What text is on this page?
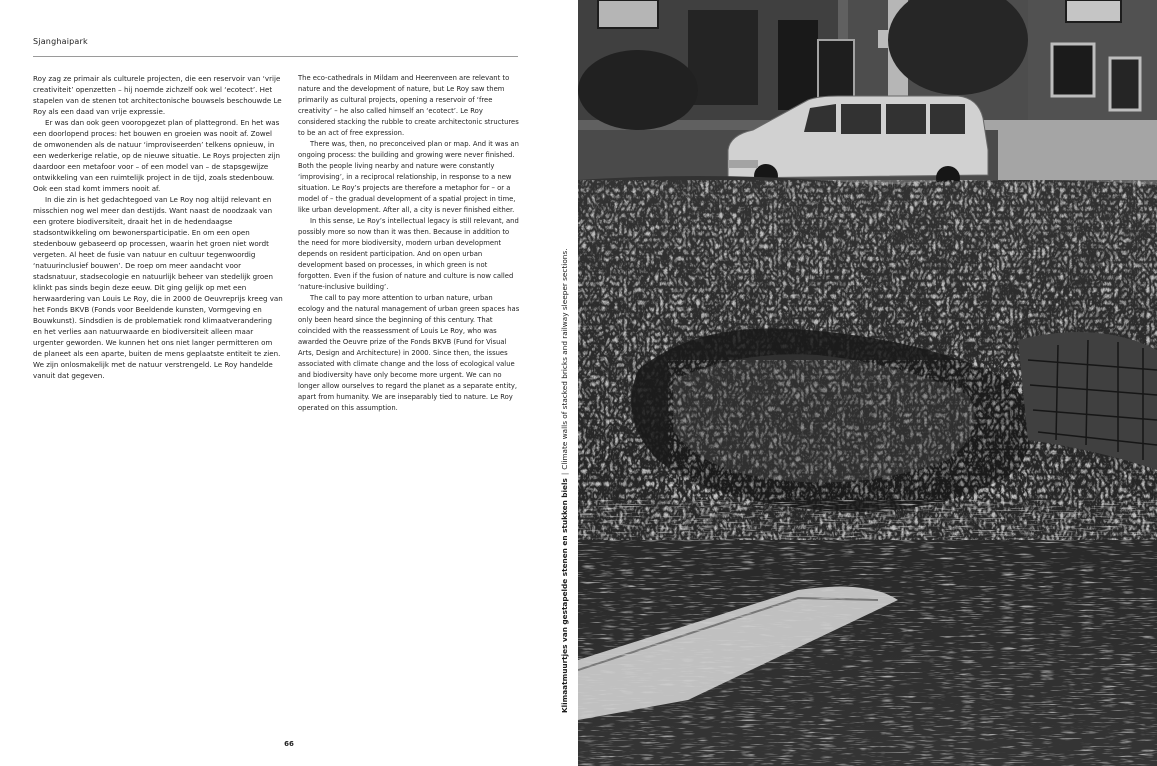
Sjanghaipark

Roy zag ze primair als culturele projecten, die een reservoir van ‘vrije creativiteit’ openzetten – hij noemde zichzelf ook wel ‘ecotect’. Het stapelen van de stenen tot architectonische bouwsels beschouwde Le Roy als een daad van vrije expressie.

Er was dan ook geen vooropgezet plan of plattegrond. En het was een doorlopend proces: het bouwen en groeien was nooit af. Zowel de omwonenden als de natuur ‘improviseerden’ telkens opnieuw, in een wederkerige relatie, op de nieuwe situatie. Le Roys projecten zijn daardoor een metafoor voor – of een model van – de stapsgewijze ontwikkeling van een ruimtelijk project in de tijd, zoals stedenbouw. Ook een stad komt immers nooit af.

In die zin is het gedachtegoed van Le Roy nog altijd relevant en misschien nog wel meer dan destijds. Want naast de noodzaak van een grotere biodiversiteit, draait het in de hedendaagse stadsontwikkeling om bewonersparticipatie. En om een open stedenbouw gebaseerd op processen, waarin het groen niet wordt vergeten. Al heet de fusie van natuur en cultuur tegenwoordig ‘natuurinclusief bouwen’. De roep om meer aandacht voor stadsnatuur, stadsecologie en natuurlijk beheer van stedelijk groen klinkt pas sinds begin deze eeuw. Dit ging gelijk op met een herwaardering van Louis Le Roy, die in 2000 de Oeuvreprijs kreeg van het Fonds BKVB (Fonds voor Beeldende kunsten, Vormgeving en Bouwkunst). Sindsdien is de problematiek rond klimaatverandering en het verlies aan natuurwaarde en biodiversiteit alleen maar urgenter geworden. We kunnen het ons niet langer permitteren om de planeet als een aparte, buiten de mens geplaatste entiteit te zien. We zijn onlosmakelijk met de natuur verstrengeld. Le Roy handelde vanuit dat gegeven.

The eco-cathedrals in Mildam and Heerenveen are relevant to nature and the development of nature, but Le Roy saw them primarily as cultural projects, opening a reservoir of ‘free creativity’ – he also called himself an ‘ecotect’. Le Roy considered stacking the rubble to create architectonic structures to be an act of free expression.

There was, then, no preconceived plan or map. And it was an ongoing process: the building and growing were never finished. Both the people living nearby and nature were constantly ‘improvising’, in a reciprocal relationship, in response to a new situation. Le Roy’s projects are therefore a metaphor for – or a model of – the gradual development of a spatial project in time, like urban development. After all, a city is never finished either.

In this sense, Le Roy’s intellectual legacy is still relevant, and possibly more so now than it was then. Because in addition to the need for more biodiversity, modern urban development depends on resident participation. And on open urban development based on processes, in which green is not forgotten. Even if the fusion of nature and culture is now called ‘nature-inclusive building’.

The call to pay more attention to urban nature, urban ecology and the natural management of urban green spaces has only been heard since the beginning of this century. That coincided with the reassessment of Louis Le Roy, who was awarded the Oeuvre prize of the Fonds BKVB (Fund for Visual Arts, Design and Architecture) in 2000. Since then, the issues associated with climate change and the loss of ecological value and biodiversity have only become more urgent. We can no longer allow ourselves to regard the planet as a separate entity, apart from humanity. We are inseparably tied to nature. Le Roy operated on this assumption.

66
Klimaatmuurtjes van gestapelde stenen en stukken biels|Climate walls of stacked bricks and railway sleeper sections.
